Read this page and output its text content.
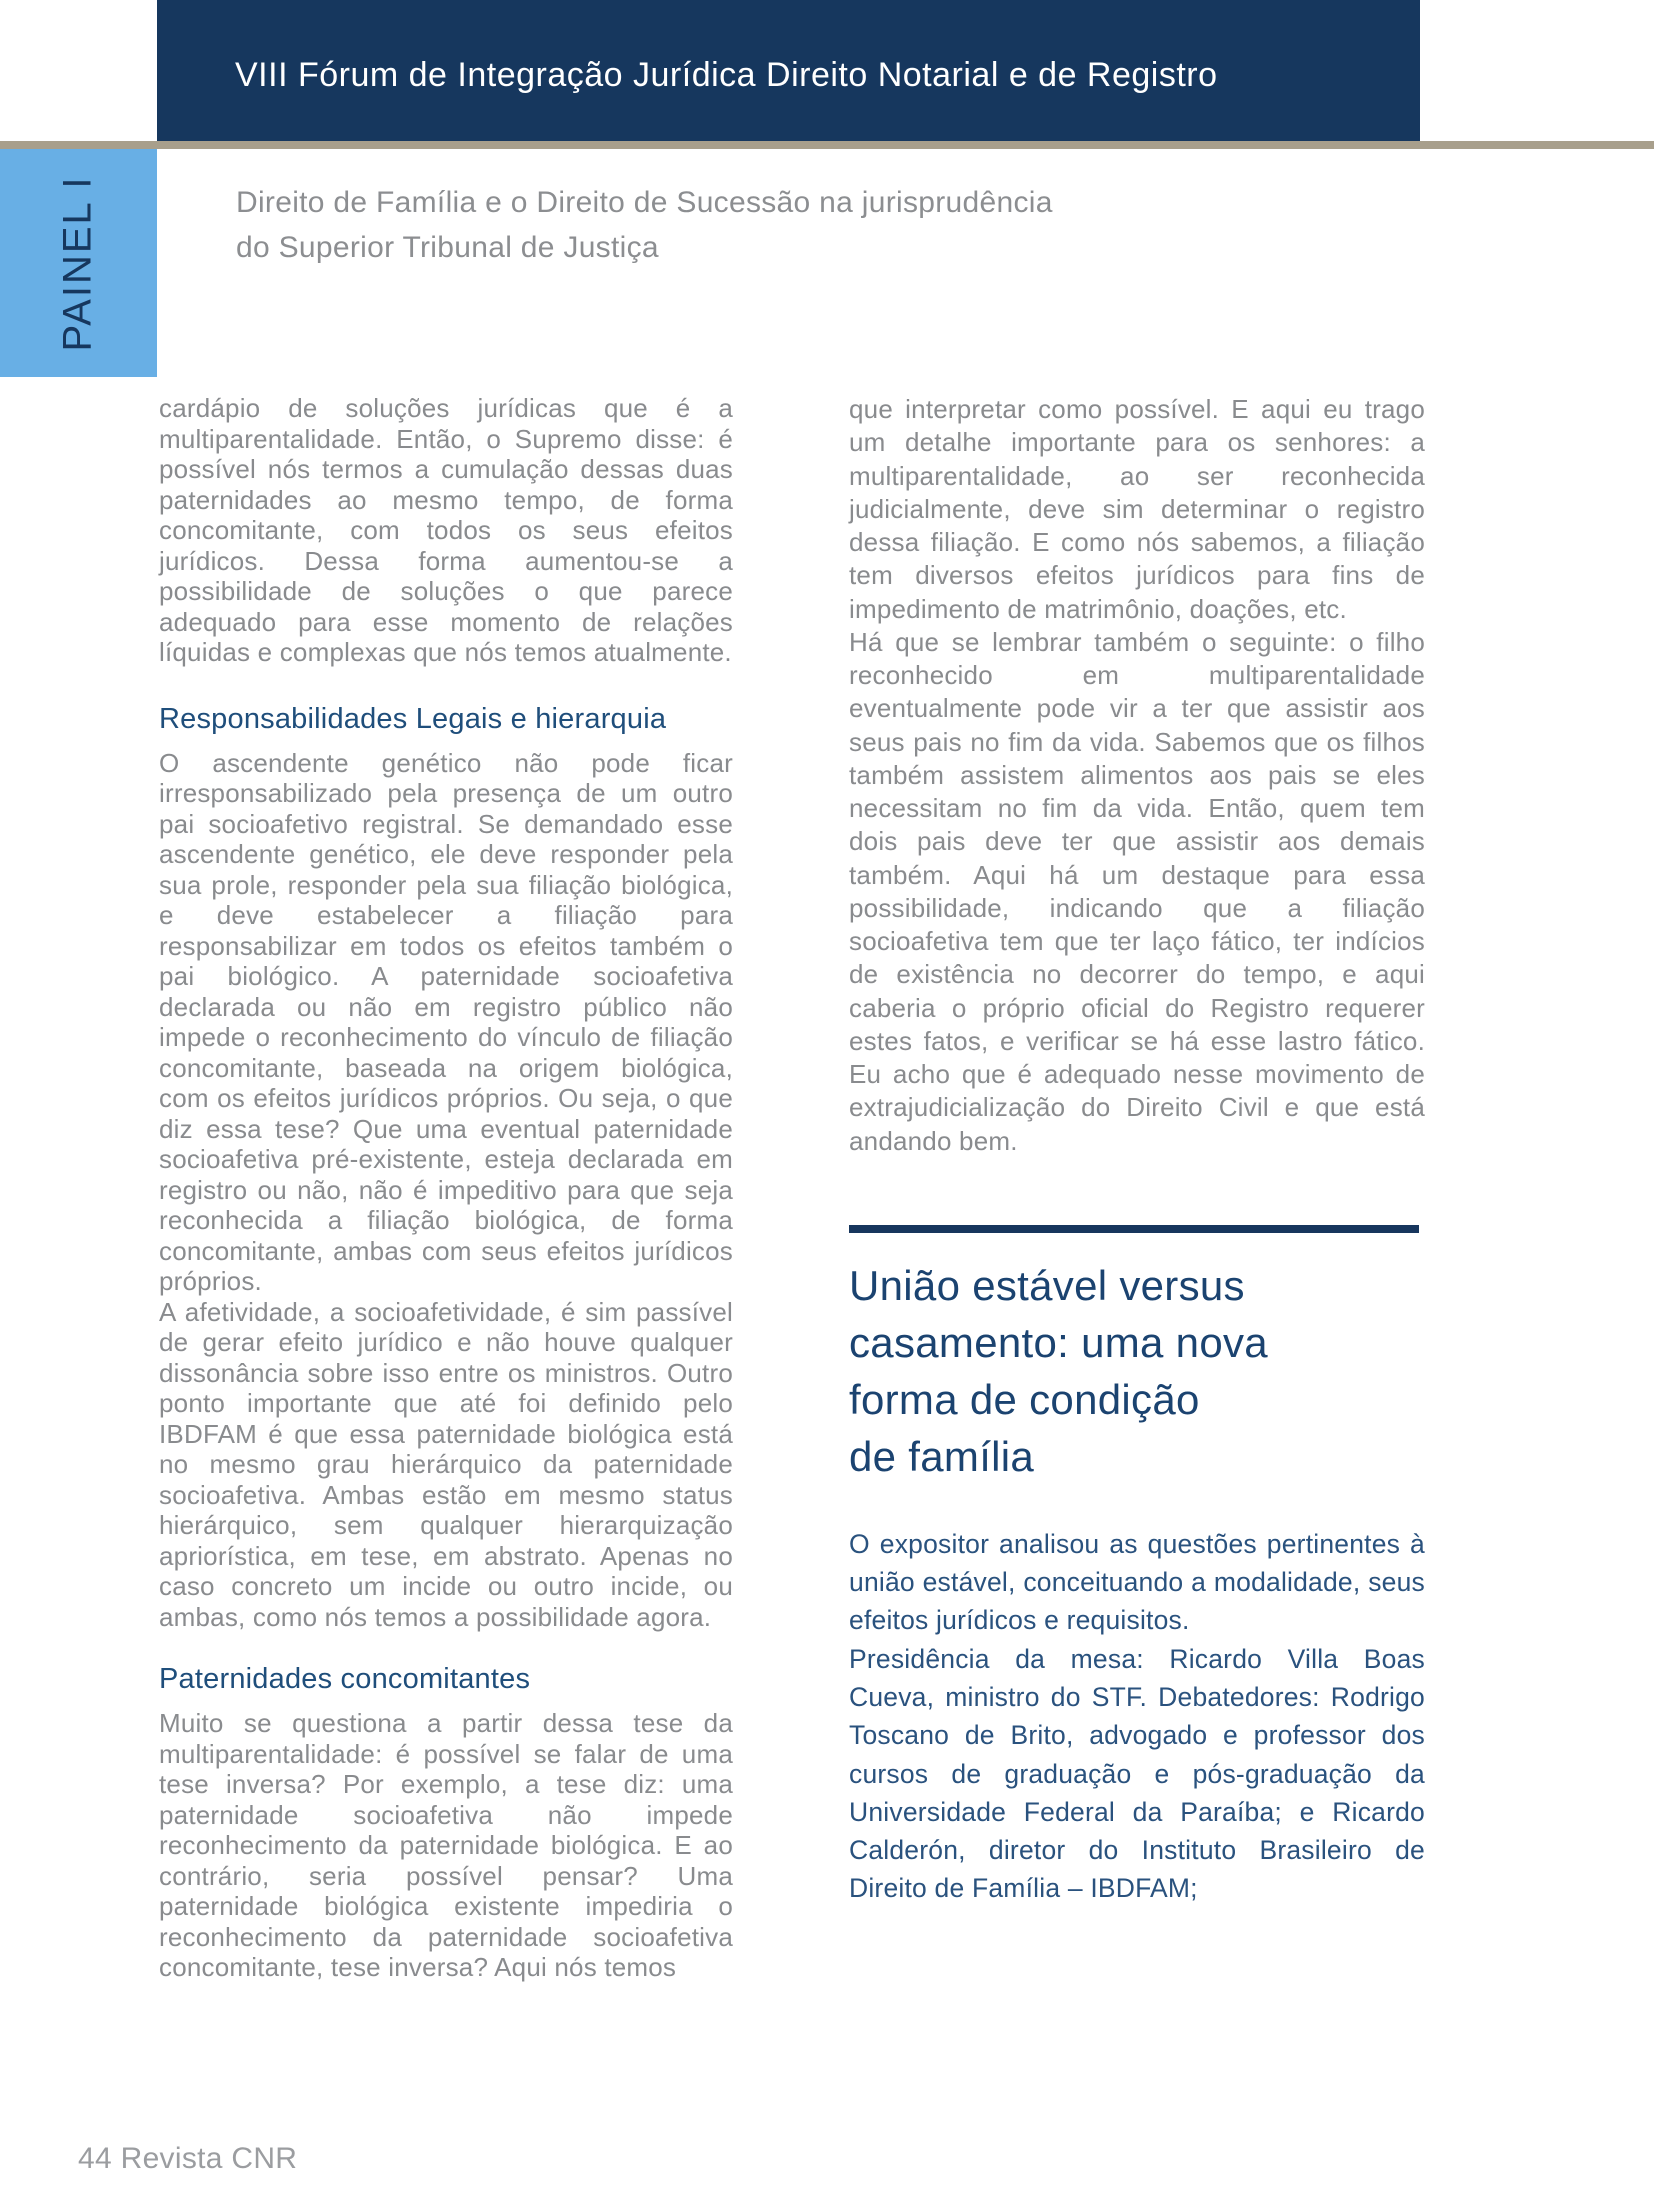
VIII Fórum de Integração Jurídica Direito Notarial e de Registro
PAINEL I	Direito de Família e o Direito de Sucessão na jurisprudência
do Superior Tribunal de Justiça

cardápio de soluções jurídicas que é a multiparentalidade. Então, o Supremo disse: é possível nós termos a cumulação dessas duas paternidades ao mesmo tempo, de forma concomitante, com todos os seus efeitos jurídicos. Dessa forma aumentou-se a possibilidade de soluções o que parece adequado para esse momento de relações líquidas e complexas que nós temos atualmente.

Responsabilidades Legais e hierarquia

O ascendente genético não pode ficar irresponsabilizado pela presença de um outro pai socioafetivo registral. Se demandado esse ascendente genético, ele deve responder pela sua prole, responder pela sua filiação biológica, e deve estabelecer a filiação para responsabilizar em todos os efeitos também o pai biológico. A paternidade socioafetiva declarada ou não em registro público não impede o reconhecimento do vínculo de filiação concomitante, baseada na origem biológica, com os efeitos jurídicos próprios. Ou seja, o que diz essa tese? Que uma eventual paternidade socioafetiva pré-existente, esteja declarada em registro ou não, não é impeditivo para que seja reconhecida a filiação biológica, de forma concomitante, ambas com seus efeitos jurídicos próprios.

A afetividade, a socioafetividade, é sim passível de gerar efeito jurídico e não houve qualquer dissonância sobre isso entre os ministros. Outro ponto importante que até foi definido pelo IBDFAM é que essa paternidade biológica está no mesmo grau hierárquico da paternidade socioafetiva. Ambas estão em mesmo status hierárquico, sem qualquer hierarquização apriorística, em tese, em abstrato. Apenas no caso concreto um incide ou outro incide, ou ambas, como nós temos a possibilidade agora.

Paternidades concomitantes

Muito se questiona a partir dessa tese da multiparentalidade: é possível se falar de uma tese inversa? Por exemplo, a tese diz: uma paternidade socioafetiva não impede reconhecimento da paternidade biológica. E ao contrário, seria possível pensar? Uma paternidade biológica existente impediria o reconhecimento da paternidade socioafetiva concomitante, tese inversa? Aqui nós temos

que interpretar como possível. E aqui eu trago um detalhe importante para os senhores: a multiparentalidade, ao ser reconhecida judicialmente, deve sim determinar o registro dessa filiação. E como nós sabemos, a filiação tem diversos efeitos jurídicos para fins de impedimento de matrimônio, doações, etc.

Há que se lembrar também o seguinte: o filho reconhecido em multiparentalidade eventualmente pode vir a ter que assistir aos seus pais no fim da vida. Sabemos que os filhos também assistem alimentos aos pais se eles necessitam no fim da vida. Então, quem tem dois pais deve ter que assistir aos demais também. Aqui há um destaque para essa possibilidade, indicando que a filiação socioafetiva tem que ter laço fático, ter indícios de existência no decorrer do tempo, e aqui caberia o próprio oficial do Registro requerer estes fatos, e verificar se há esse lastro fático. Eu acho que é adequado nesse movimento de extrajudicialização do Direito Civil e que está andando bem.

União estável versus
casamento: uma nova
forma de condição
de família

O expositor analisou as questões pertinentes à união estável, conceituando a modalidade, seus efeitos jurídicos e requisitos.

Presidência da mesa: Ricardo Villa Boas Cueva, ministro do STF. Debatedores: Rodrigo Toscano de Brito, advogado e professor dos cursos de graduação e pós-graduação da Universidade Federal da Paraíba; e Ricardo Calderón, diretor do Instituto Brasileiro de Direito de Família – IBDFAM;

44 Revista CNR
